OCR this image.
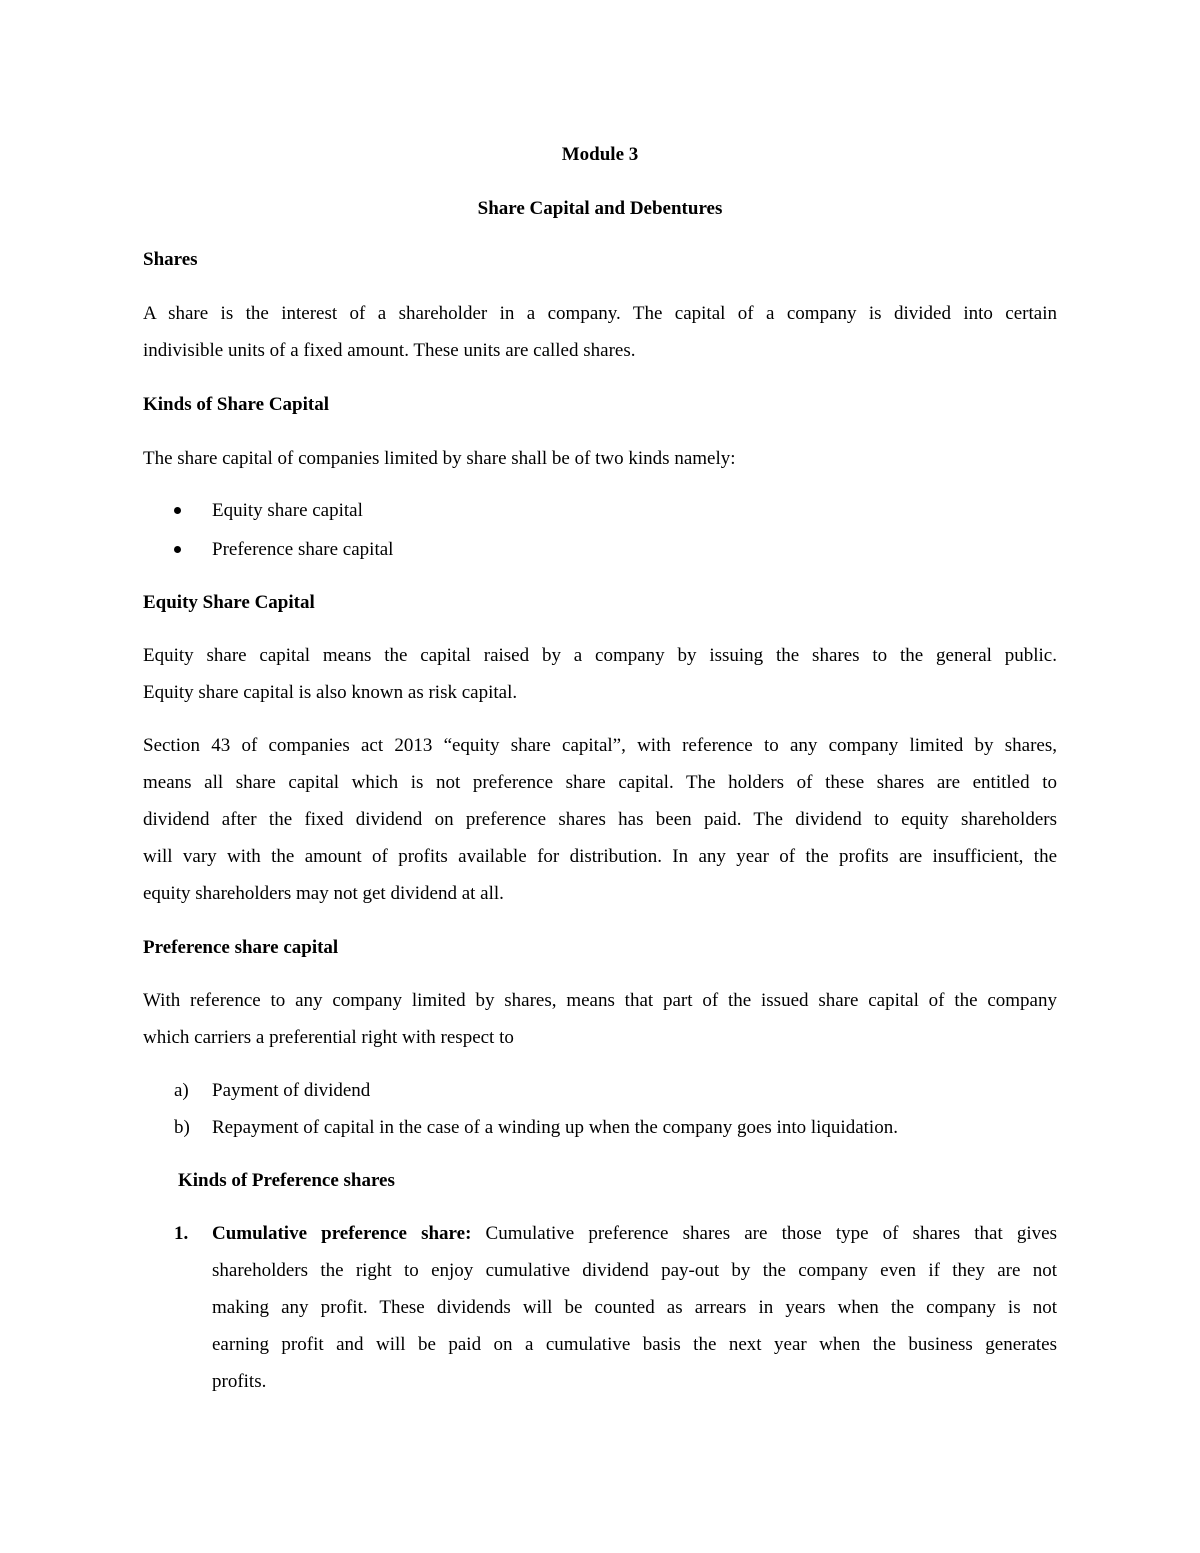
Module 3

Share Capital and Debentures

Shares

A share is the interest of a shareholder in a company. The capital of a company is divided into certain
indivisible units of a fixed amount. These units are called shares.

Kinds of Share Capital

The share capital of companies limited by share shall be of two kinds namely:

Equity share capital
Preference share capital

Equity Share Capital

Equity share capital means the capital raised by a company by issuing the shares to the general public.
Equity share capital is also known as risk capital.

Section 43 of companies act 2013 “equity share capital”, with reference to any company limited by shares,
means all share capital which is not preference share capital. The holders of these shares are entitled to
dividend after the fixed dividend on preference shares has been paid. The dividend to equity shareholders
will vary with the amount of profits available for distribution. In any year of the profits are insufficient, the
equity shareholders may not get dividend at all.

Preference share capital

With reference to any company limited by shares, means that part of the issued share capital of the company
which carriers a preferential right with respect to

a) Payment of dividend
b) Repayment of capital in the case of a winding up when the company goes into liquidation.

Kinds of Preference shares

1. Cumulative preference share: Cumulative preference shares are those type of shares that gives
shareholders the right to enjoy cumulative dividend pay-out by the company even if they are not
making any profit. These dividends will be counted as arrears in years when the company is not
earning profit and will be paid on a cumulative basis the next year when the business generates
profits.
